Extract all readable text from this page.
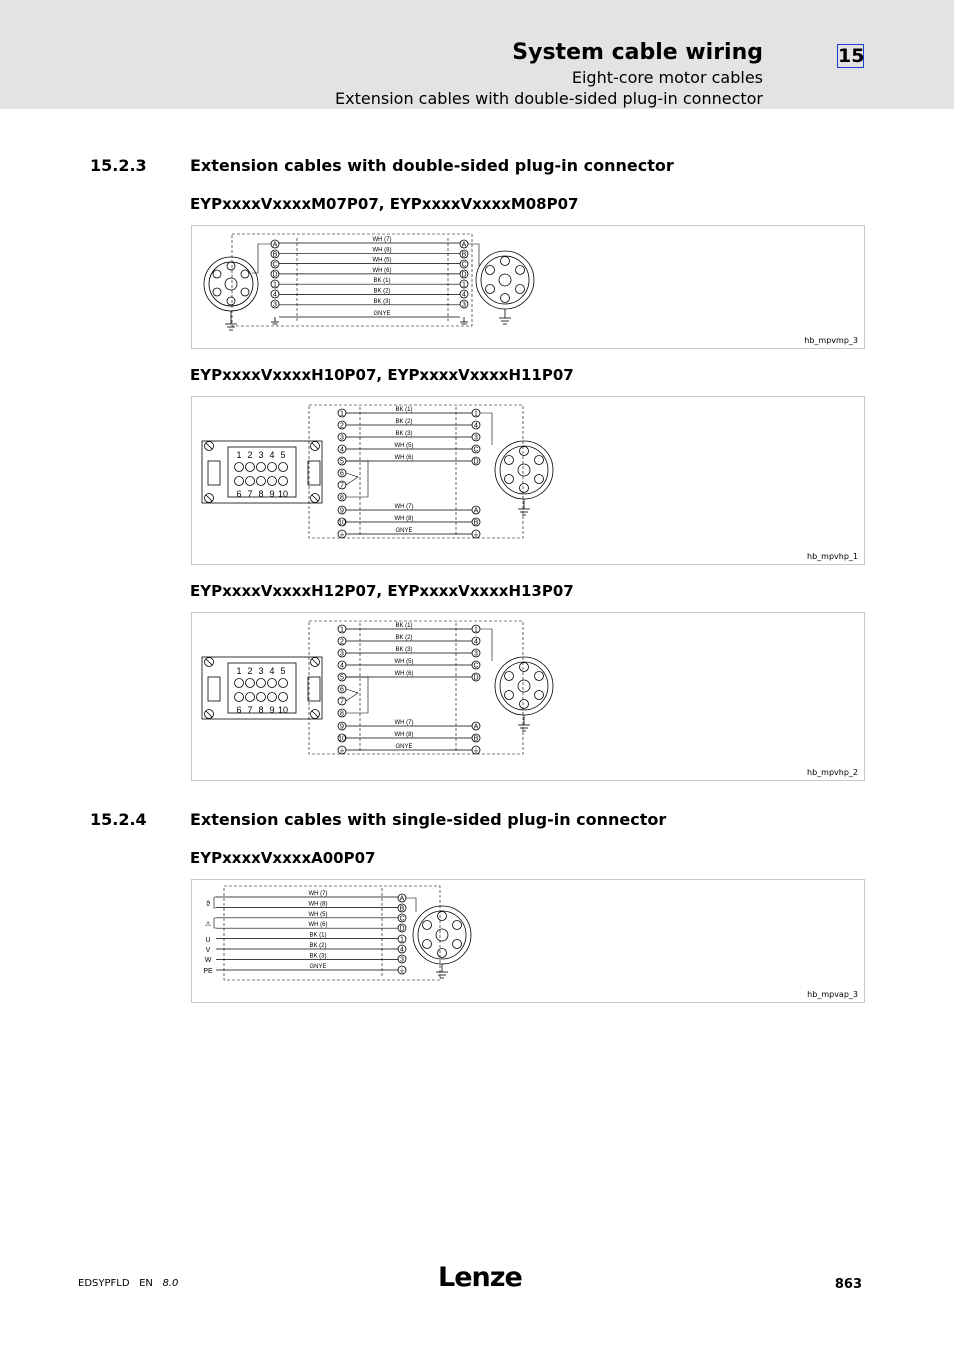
System cable wiring
Eight-core motor cables
Extension cables with double-sided plug-in connector
15
15.2.3	Extension cables with double-sided plug-in connector
EYPxxxxVxxxxM07P07, EYPxxxxVxxxxM08P07
WH (7)
WH (8)
WH (5)
WH (6)
BK (1)
BK (2)
BK (3)
GNYE
A
B
C
D
1
4
3
A
B
C
D
1
4
3
hb_mpvmp_3
EYPxxxxVxxxxH10P07, EYPxxxxVxxxxH11P07
1 2 3 4 5
6 7 8 9 10
BK (1)
BK (2)
BK (3)
WH (5)
WH (6)
WH (7)
WH (8)
GNYE
1
2
3
4
5
6
7
8
9
10
⏚
1
4
3
C
D
A
B
⏚
hb_mpvhp_1
EYPxxxxVxxxxH12P07, EYPxxxxVxxxxH13P07
1 2 3 4 5
6 7 8 9 10
BK (1)
BK (2)
BK (3)
WH (5)
WH (6)
WH (7)
WH (8)
GNYE
1
2
3
4
5
6
7
8
9
10
⏚
1
4
3
C
D
A
B
⏚
hb_mpvhp_2
15.2.4	Extension cables with single-sided plug-in connector
EYPxxxxVxxxxA00P07
WH (7)
WH (8)
WH (5)
WH (6)
BK (1)
BK (2)
BK (3)
GNYE
ϑ
⚠
U
V
W
PE
A
B
C
D
1
4
3
⏚
hb_mpvap_3
EDSYPFLD EN 8.0	Lenze	863
